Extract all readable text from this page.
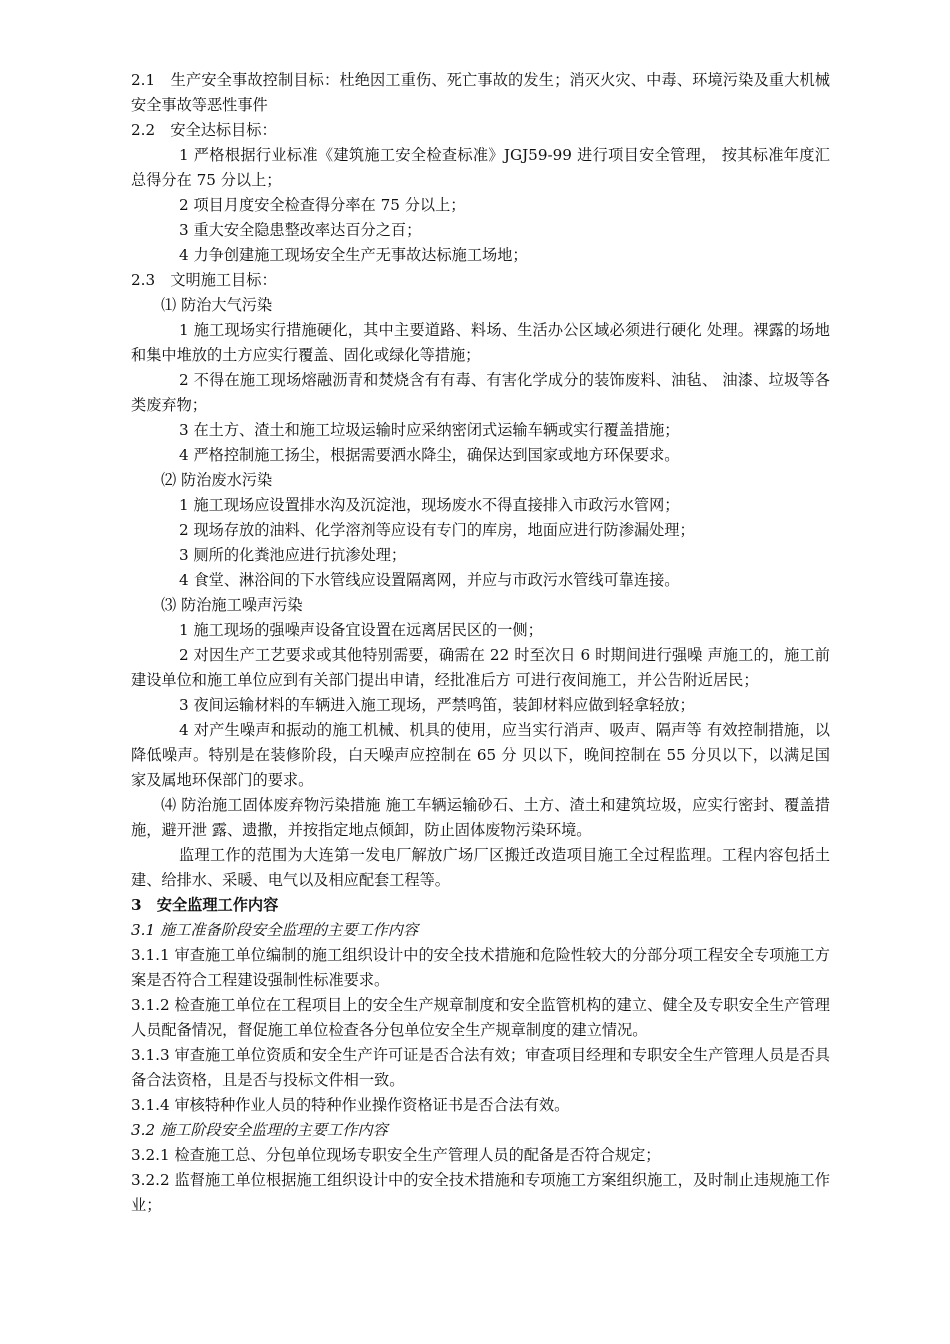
2.1　生产安全事故控制目标：杜绝因工重伤、死亡事故的发生；消灭火灾、中毒、环境污染及重大机械安全事故等恶性事件

2.2　安全达标目标：

1 严格根据行业标准《建筑施工安全检查标准》JGJ59-99 进行项目安全管理， 按其标准年度汇总得分在 75 分以上；

2 项目月度安全检查得分率在 75 分以上；

3 重大安全隐患整改率达百分之百；

4 力争创建施工现场安全生产无事故达标施工场地；

2.3　文明施工目标：

⑴ 防治大气污染

1 施工现场实行措施硬化，其中主要道路、料场、生活办公区域必须进行硬化 处理。裸露的场地和集中堆放的土方应实行覆盖、固化或绿化等措施；

2 不得在施工现场熔融沥青和焚烧含有有毒、有害化学成分的装饰废料、油毡、 油漆、垃圾等各类废弃物；

3 在土方、渣土和施工垃圾运输时应采纳密闭式运输车辆或实行覆盖措施；

4 严格控制施工扬尘，根据需要洒水降尘，确保达到国家或地方环保要求。

⑵ 防治废水污染

1 施工现场应设置排水沟及沉淀池，现场废水不得直接排入市政污水管网；

2 现场存放的油料、化学溶剂等应设有专门的库房，地面应进行防渗漏处理；

3 厕所的化粪池应进行抗渗处理；

4 食堂、淋浴间的下水管线应设置隔离网，并应与市政污水管线可靠连接。

⑶ 防治施工噪声污染

1 施工现场的强噪声设备宜设置在远离居民区的一侧；

2 对因生产工艺要求或其他特别需要，确需在 22 时至次日 6 时期间进行强噪 声施工的，施工前建设单位和施工单位应到有关部门提出申请，经批准后方 可进行夜间施工，并公告附近居民；

3 夜间运输材料的车辆进入施工现场，严禁鸣笛，装卸材料应做到轻拿轻放；

4 对产生噪声和振动的施工机械、机具的使用，应当实行消声、吸声、隔声等 有效控制措施，以降低噪声。特别是在装修阶段，白天噪声应控制在 65 分 贝以下，晚间控制在 55 分贝以下，以满足国家及属地环保部门的要求。

⑷ 防治施工固体废弃物污染措施 施工车辆运输砂石、土方、渣土和建筑垃圾，应实行密封、覆盖措施，避开泄 露、遗撒，并按指定地点倾卸，防止固体废物污染环境。

监理工作的范围为大连第一发电厂解放广场厂区搬迁改造项目施工全过程监理。工程内容包括土建、给排水、采暖、电气以及相应配套工程等。

3　安全监理工作内容

3.1 施工准备阶段安全监理的主要工作内容

3.1.1 审查施工单位编制的施工组织设计中的安全技术措施和危险性较大的分部分项工程安全专项施工方案是否符合工程建设强制性标准要求。

3.1.2 检查施工单位在工程项目上的安全生产规章制度和安全监管机构的建立、健全及专职安全生产管理人员配备情况，督促施工单位检查各分包单位安全生产规章制度的建立情况。

3.1.3 审查施工单位资质和安全生产许可证是否合法有效；审查项目经理和专职安全生产管理人员是否具备合法资格，且是否与投标文件相一致。

3.1.4 审核特种作业人员的特种作业操作资格证书是否合法有效。

3.2 施工阶段安全监理的主要工作内容

3.2.1 检查施工总、分包单位现场专职安全生产管理人员的配备是否符合规定；

3.2.2 监督施工单位根据施工组织设计中的安全技术措施和专项施工方案组织施工，及时制止违规施工作业；
